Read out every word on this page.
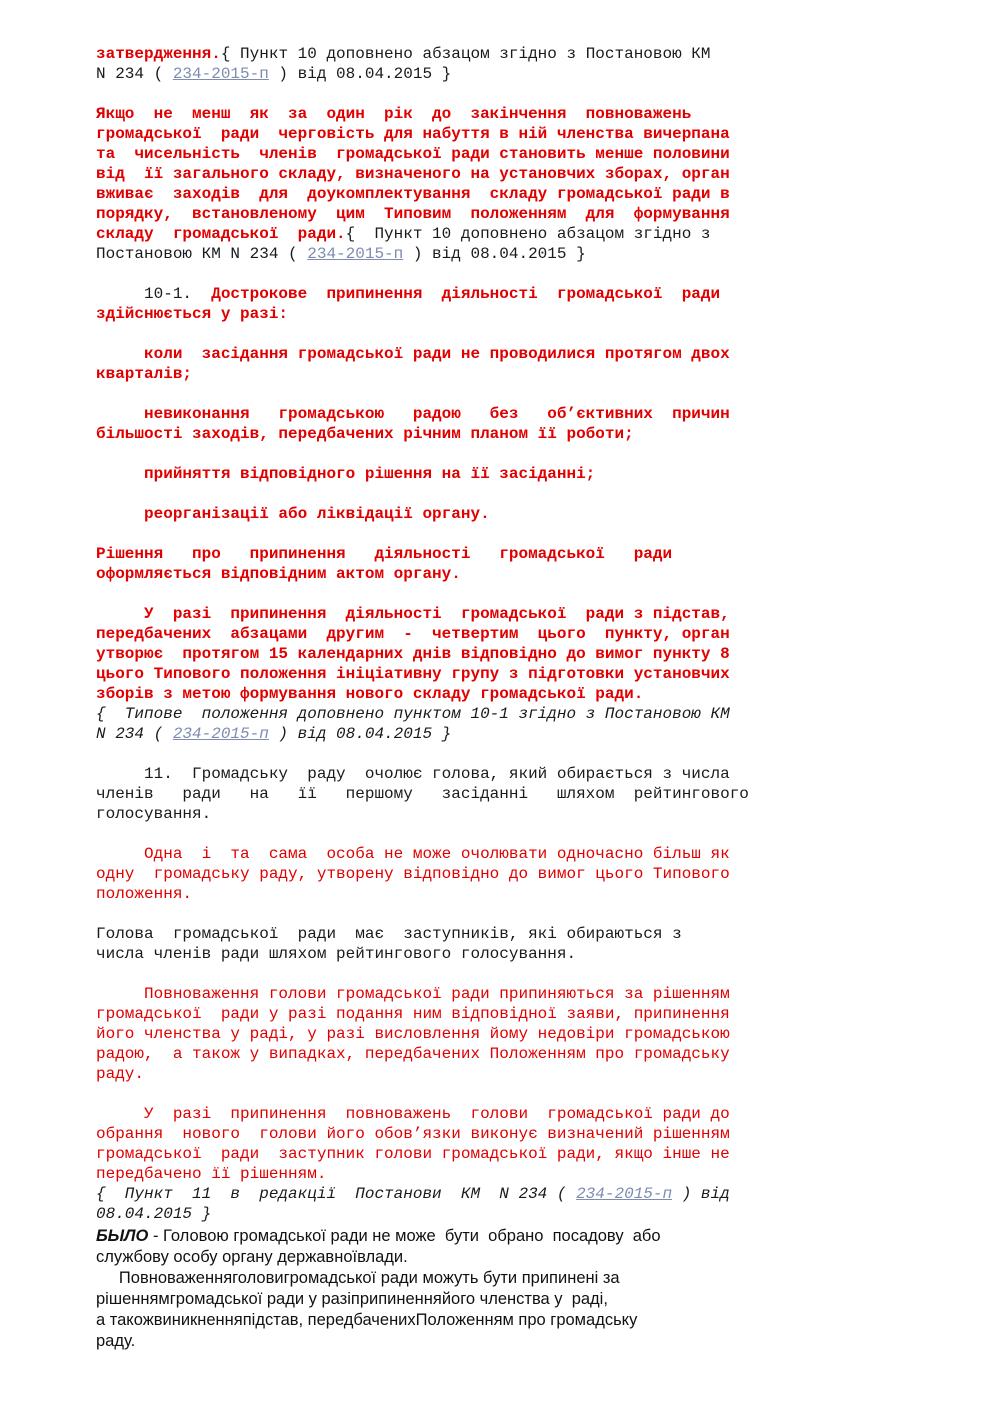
затвердження.{ Пункт 10 доповнено абзацом згідно з Постановою КМ
N 234 ( 234-2015-п ) від 08.04.2015 }
Якщо  не  менш  як  за  один  рік  до  закінчення  повноважень
громадської  ради  черговість для набуття в ній членства вичерпана
та  чисельність  членів  громадської ради становить менше половини
від  її загального складу, визначеного на установчих зборах, орган
вживає  заходів  для  доукомплектування  складу громадської ради в
порядку,  встановленому  цим  Типовим  положенням  для  формування
складу  громадської  ради.{  Пункт 10 доповнено абзацом згідно з
Постановою КМ N 234 ( 234-2015-п ) від 08.04.2015 }
10-1.  Дострокове  припинення  діяльності  громадської  ради
здійснюється у разі:
коли  засідання громадської ради не проводилися протягом двох
кварталів;
невиконання   громадською   радою   без   об’єктивних  причин
більшості заходів, передбачених річним планом її роботи;
прийняття відповідного рішення на її засіданні;
реорганізації або ліквідації органу.
Рішення   про   припинення   діяльності   громадської   ради
оформляється відповідним актом органу.
У  разі  припинення  діяльності  громадської  ради з підстав,
передбачених  абзацами  другим  -  четвертим  цього  пункту, орган
утворює  протягом 15 календарних днів відповідно до вимог пункту 8
цього Типового положення ініціативну групу з підготовки установчих
зборів з метою формування нового складу громадської ради.
{  Типове  положення доповнено пунктом 10-1 згідно з Постановою КМ
N 234 ( 234-2015-п ) від 08.04.2015 }
11.  Громадську  раду  очолює голова, який обирається з числа
членів   ради   на   її   першому   засіданні   шляхом  рейтингового
голосування.
Одна  і  та  сама  особа не може очолювати одночасно більш як
одну  громадську раду, утворену відповідно до вимог цього Типового
положення.
Голова  громадської  ради  має  заступників, які обираються з
числа членів ради шляхом рейтингового голосування.
Повноваження голови громадської ради припиняються за рішенням
громадської  ради у разі подання ним відповідної заяви, припинення
його членства у раді, у разі висловлення йому недовіри громадською
радою,  а також у випадках, передбачених Положенням про громадську
раду.
У  разі  припинення  повноважень  голови  громадської ради до
обрання  нового  голови його обов’язки виконує визначений рішенням
громадської  ради  заступник голови громадської ради, якщо інше не
передбачено її рішенням.
{  Пункт  11  в  редакції  Постанови  КМ  N 234 ( 234-2015-п ) від
08.04.2015 }
БЫЛО - Головою громадської ради не може  бути  обрано  посадову  або
службову особу органу державноївлади.
Повноваженняголовигромадської ради можуть бути припинені за
рішеннямгромадської ради у разіприпиненняйого членства у  раді,
а такожвиникненняпідстав, передбаченихПоложенням про громадську
раду.
